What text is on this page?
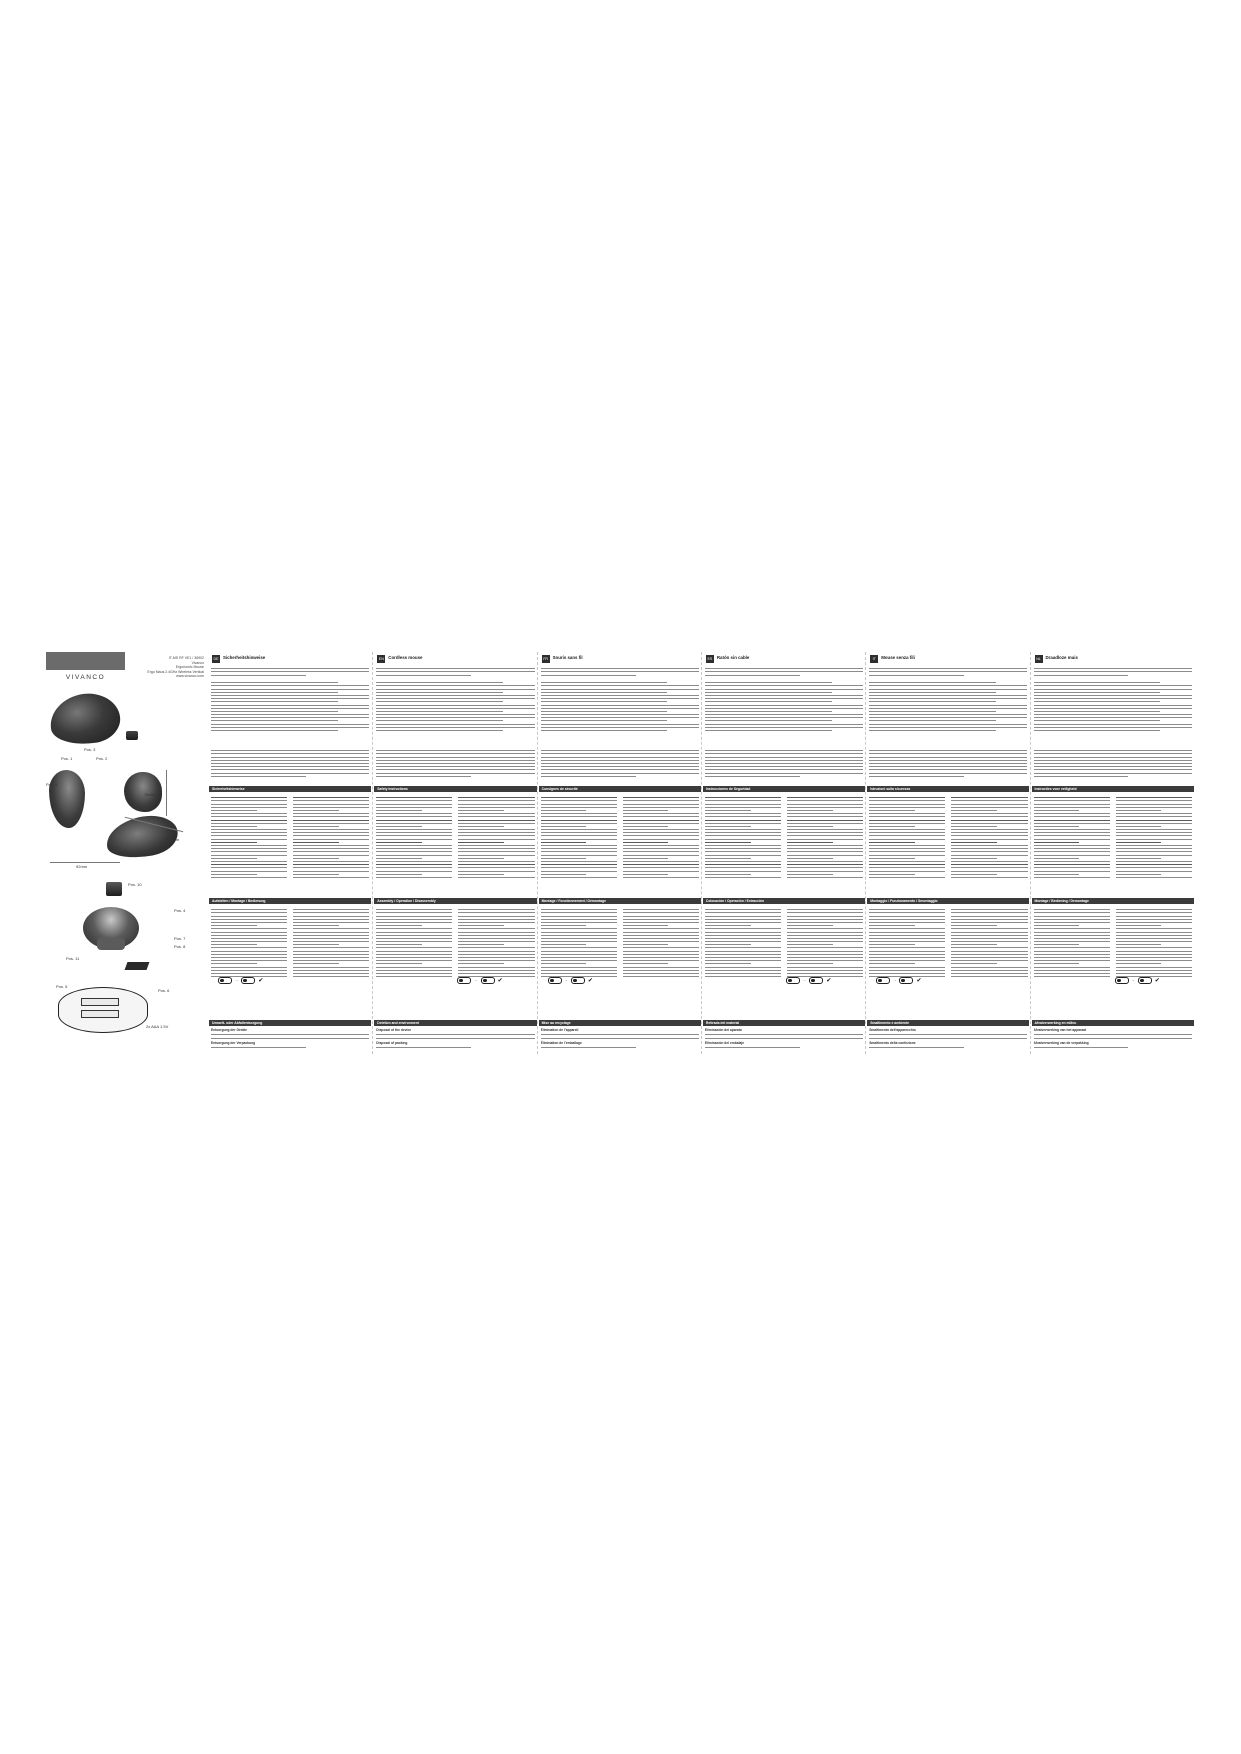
VIVANCO
IT-MS RF VE1 / 36902
Vivanco
Ergonomic Mouse
Ergo Maus 2.4GHz Wireless Vertical
www.vivanco.com
76mm
118mm
92mm
Pos. 1	Pos. 2
Pos. 3
Pos. 9
Pos. 10
Pos. 4
Pos. 7
Pos. 8
Pos. 11
Pos. 5
Pos. 6
2x AAA 1.5V
DE	Sicherheitshinweise
Sicherheitshinweise
Aufstellen / Montage / Bedienung
→	✔
Umwelt- oder Abfallentsorgung
Entsorgung der Geräte
Entsorgung der Verpackung
EN	Cordless mouse
Safety Instructions
Assembly / Operation / Disassembly
→	✔
Deletion and environment
Disposal of the device
Disposal of packing
FR	Souris sans fil
Consignes de sécurité
Montage / Fonctionnement / Démontage
→	✔
Mise au recyclage
Élimination de l'appareil
Élimination de l'emballage
ES	Ratón sin cable
Instrucciones de Seguridad
Colocación / Operación / Extracción
→	✔
Retirada del material
Eliminación del aparato
Eliminación del embalaje
IT	Mouse senza fili
Istruzioni sulla sicurezza
Montaggio / Funzionamento / Smontaggio
→	✔
Smaltimento e ambiente
Smaltimento dell'apparecchio
Smaltimento della confezione
NL	Draadloze muis
Instructies voor veiligheid
Montage / Bediening / Demontage
→	✔
Afvalverwerking en milieu
Afvalverwerking van het apparaat
Afvalverwerking van de verpakking
